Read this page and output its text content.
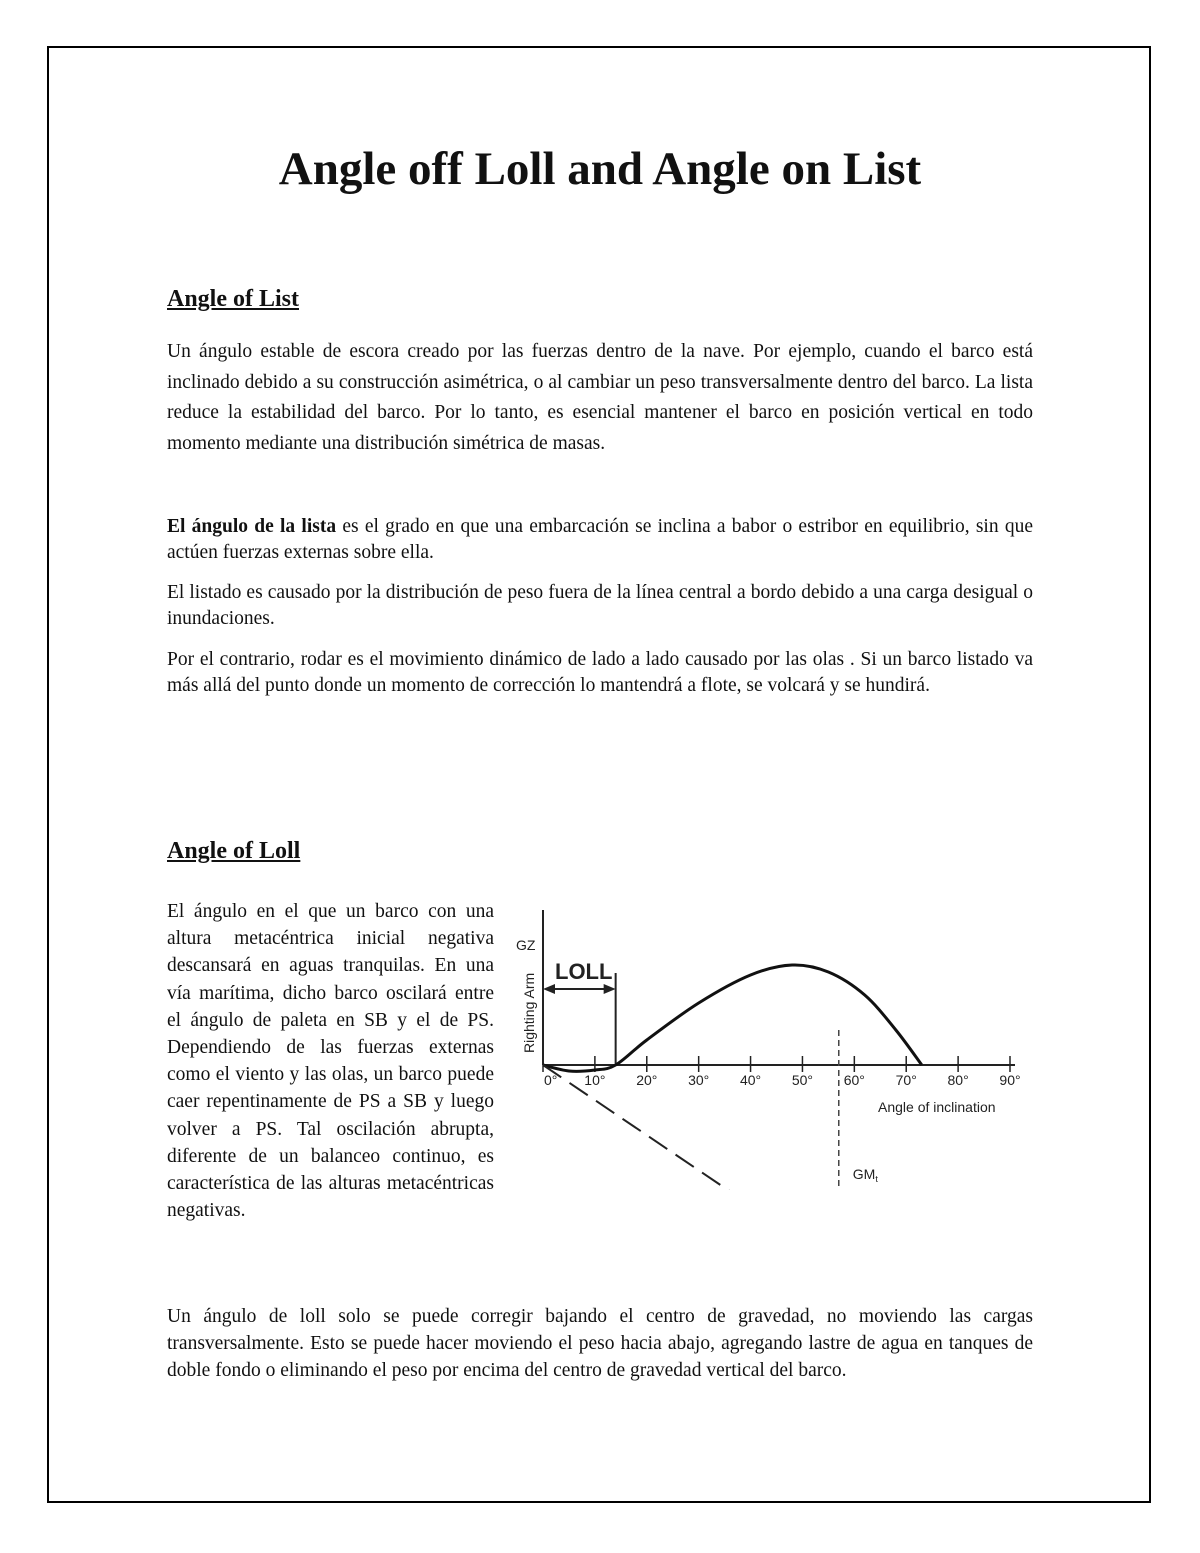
Angle off Loll and Angle on List
Angle of List

Un ángulo estable de escora creado por las fuerzas dentro de la nave. Por ejemplo, cuando el barco está inclinado debido a su construcción asimétrica, o al cambiar un peso transversalmente dentro del barco. La lista reduce la estabilidad del barco. Por lo tanto, es esencial mantener el barco en posición vertical en todo momento mediante una distribución simétrica de masas.

El ángulo de la lista es el grado en que una embarcación se inclina a babor o estribor en equilibrio, sin que actúen fuerzas externas sobre ella.

El listado es causado por la distribución de peso fuera de la línea central a bordo debido a una carga desigual o inundaciones.

Por el contrario, rodar es el movimiento dinámico de lado a lado causado por las olas . Si un barco listado va más allá del punto donde un momento de corrección lo mantendrá a flote, se volcará y se hundirá.

Angle of Loll

El ángulo en el que un barco con una altura metacéntrica inicial negativa descansará en aguas tranquilas. En una vía marítima, dicho barco oscilará entre el ángulo de paleta en SB y el de PS. Dependiendo de las fuerzas externas como el viento y las olas, un barco puede caer repentinamente de PS a SB y luego volver a PS. Tal oscilación abrupta, diferente de un balanceo continuo, es característica de las alturas metacéntricas negativas.

0° 10° 20° 30° 40° 50° 60° 70° 80° 90°
GZ
Righting Arm
Angle of inclination
LOLL
$GM_t$

Un ángulo de loll solo se puede corregir bajando el centro de gravedad, no moviendo las cargas transversalmente. Esto se puede hacer moviendo el peso hacia abajo, agregando lastre de agua en tanques de doble fondo o eliminando el peso por encima del centro de gravedad vertical del barco.
